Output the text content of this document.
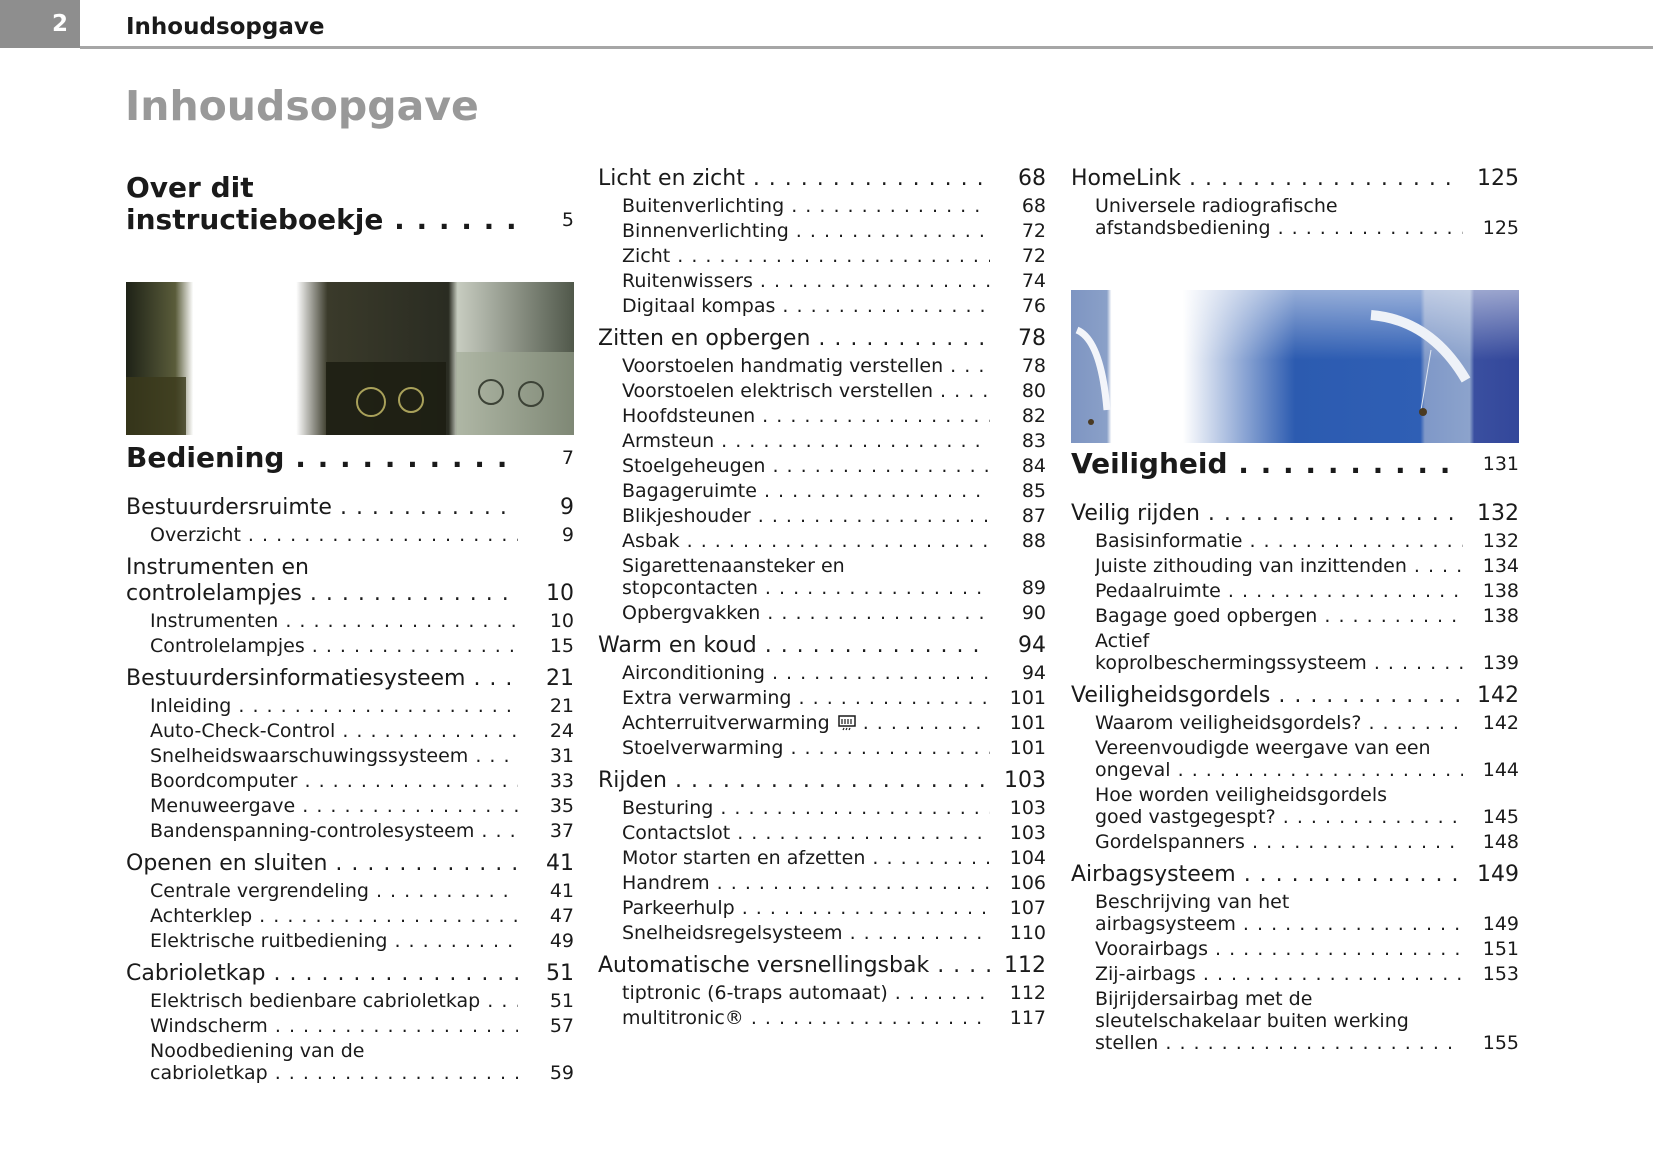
2	Inhoudsopgave
Inhoudsopgave
Over dit
instructieboekje . . .	5
Bediening . . .	7
Bestuurdersruimte . . .	9
Overzicht . . .	9
Instrumenten en
controlelampjes . . .	10
Instrumenten . . .	10
Controlelampjes . . .	15
Bestuurdersinformatiesysteem . . .	21
Inleiding . . .	21
Auto-Check-Control . . .	24
Snelheidswaarschuwingssysteem . . .	31
Boordcomputer . . .	33
Menuweergave . . .	35
Bandenspanning-controlesysteem . . .	37
Openen en sluiten . . .	41
Centrale vergrendeling . . .	41
Achterklep . . .	47
Elektrische ruitbediening . . .	49
Cabrioletkap . . .	51
Elektrisch bedienbare cabrioletkap . . .	51
Windscherm . . .	57
Noodbediening van de
cabrioletkap . . .	59
Licht en zicht . . .	68
Buitenverlichting . . .	68
Binnenverlichting . . .	72
Zicht . . .	72
Ruitenwissers . . .	74
Digitaal kompas . . .	76
Zitten en opbergen . . .	78
Voorstoelen handmatig verstellen . . .	78
Voorstoelen elektrisch verstellen . . .	80
Hoofdsteunen . . .	82
Armsteun . . .	83
Stoelgeheugen . . .	84
Bagageruimte . . .	85
Blikjeshouder . . .	87
Asbak . . .	88
Sigarettenaansteker en
stopcontacten . . .	89
Opbergvakken . . .	90
Warm en koud . . .	94
Airconditioning . . .	94
Extra verwarming . . .	101
Achterruitverwarming . . .	101
Stoelverwarming . . .	101
Rijden . . .	103
Besturing . . .	103
Contactslot . . .	103
Motor starten en afzetten . . .	104
Handrem . . .	106
Parkeerhulp . . .	107
Snelheidsregelsysteem . . .	110
Automatische versnellingsbak . . .	112
tiptronic (6-traps automaat) . . .	112
multitronic® . . .	117
HomeLink . . .	125
Universele radiografische
afstandsbediening . . .	125
Veiligheid . . .	131
Veilig rijden . . .	132
Basisinformatie . . .	132
Juiste zithouding van inzittenden . . .	134
Pedaalruimte . . .	138
Bagage goed opbergen . . .	138
Actief
koprolbeschermingssysteem . . .	139
Veiligheidsgordels . . .	142
Waarom veiligheidsgordels? . . .	142
Vereenvoudigde weergave van een
ongeval . . .	144
Hoe worden veiligheidsgordels
goed vastgegespt? . . .	145
Gordelspanners . . .	148
Airbagsysteem . . .	149
Beschrijving van het
airbagsysteem . . .	149
Voorairbags . . .	151
Zij-airbags . . .	153
Bijrijdersairbag met de
sleutelschakelaar buiten werking
stellen . . .	155
